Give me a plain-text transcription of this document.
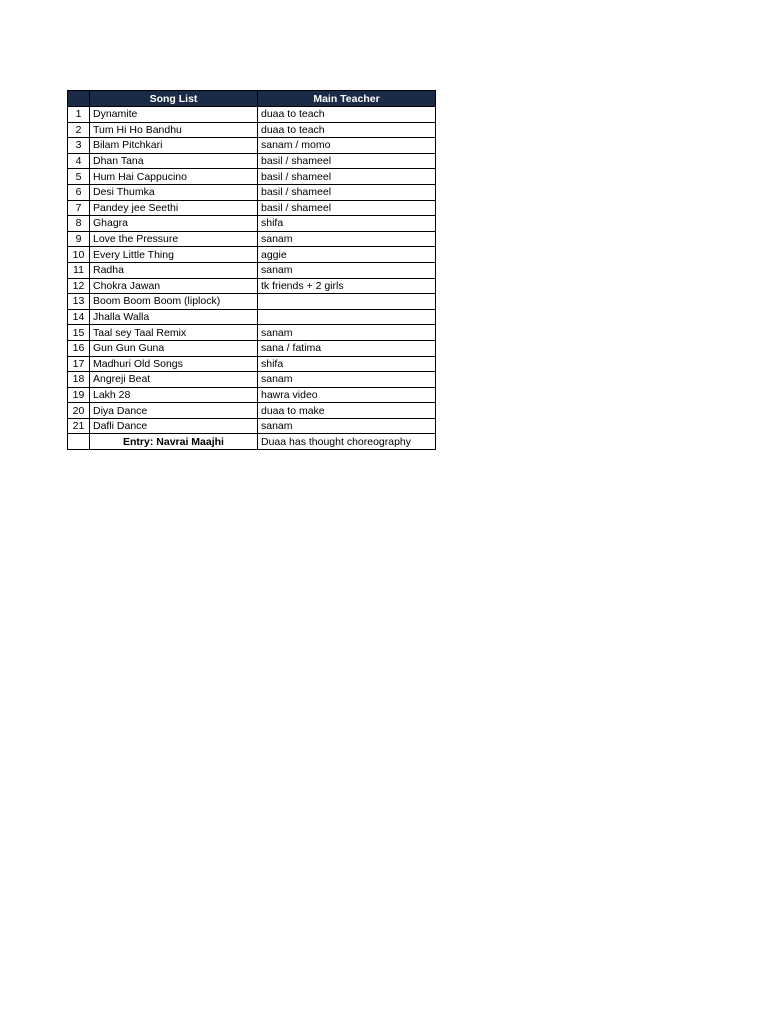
	Song List	Main Teacher
1	Dynamite	duaa to teach
2	Tum Hi Ho Bandhu	duaa to teach
3	Bilam Pitchkari	sanam / momo
4	Dhan Tana	basil / shameel
5	Hum Hai Cappucino	basil / shameel
6	Desi Thumka	basil / shameel
7	Pandey jee Seethi	basil / shameel
8	Ghagra	shifa
9	Love the Pressure	sanam
10	Every Little Thing	aggie
11	Radha	sanam
12	Chokra Jawan	tk friends + 2 girls
13	Boom Boom Boom (liplock)	
14	Jhalla Walla	
15	Taal sey Taal Remix	sanam
16	Gun Gun Guna	sana / fatima
17	Madhuri Old Songs	shifa
18	Angreji Beat	sanam
19	Lakh 28	hawra video
20	Diya Dance	duaa to make
21	Dafli Dance	sanam
	Entry: Navrai Maajhi	Duaa has thought choreography
